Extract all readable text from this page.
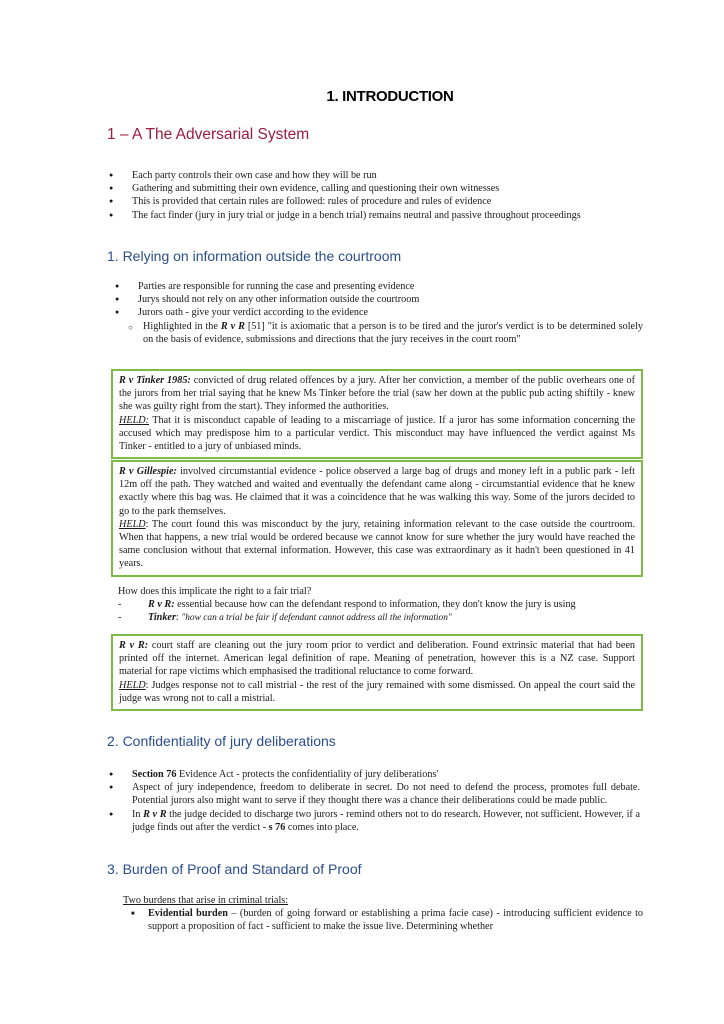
1. INTRODUCTION
1 – A The Adversarial System
● Each party controls their own case and how they will be run
● Gathering and submitting their own evidence, calling and questioning their own witnesses
● This is provided that certain rules are followed: rules of procedure and rules of evidence
● The fact finder (jury in jury trial or judge in a bench trial) remains neutral and passive throughout proceedings
1. Relying on information outside the courtroom
● Parties are responsible for running the case and presenting evidence
● Jurys should not rely on any other information outside the courtroom
● Jurors oath - give your verdict according to the evidence
○ Highlighted in the R v R [51] "it is axiomatic that a person is to be tired and the juror's verdict is to be determined solely on the basis of evidence, submissions and directions that the jury receives in the court room"
R v Tinker 1985: convicted of drug related offences by a jury. After her conviction, a member of the public overhears one of the jurors from her trial saying that he knew Ms Tinker before the trial (saw her down at the public pub acting shiftily - knew she was guilty right from the start). They informed the authorities.
HELD: That it is misconduct capable of leading to a miscarriage of justice. If a juror has some information concerning the accused which may predispose him to a particular verdict. This misconduct may have influenced the verdict against Ms Tinker - entitled to a jury of unbiased minds.
R v Gillespie: involved circumstantial evidence - police observed a large bag of drugs and money left in a public park - left 12m off the path. They watched and waited and eventually the defendant came along - circumstantial evidence that he knew exactly where this bag was. He claimed that it was a coincidence that he was walking this way. Some of the jurors decided to go to the park themselves.
HELD: The court found this was misconduct by the jury, retaining information relevant to the case outside the courtroom. When that happens, a new trial would be ordered because we cannot know for sure whether the jury would have reached the same conclusion without that external information. However, this case was extraordinary as it hadn't been questioned in 41 years.
How does this implicate the right to a fair trial?
-	R v R: essential because how can the defendant respond to information, they don't know the jury is using
-	Tinker: "how can a trial be fair if defendant cannot address all the information"
R v R: court staff are cleaning out the jury room prior to verdict and deliberation. Found extrinsic material that had been printed off the internet. American legal definition of rape. Meaning of penetration, however this is a NZ case. Support material for rape victims which emphasised the traditional reluctance to come forward.
HELD: Judges response not to call mistrial - the rest of the jury remained with some dismissed. On appeal the court said the judge was wrong not to call a mistrial.
2. Confidentiality of jury deliberations
● Section 76 Evidence Act - protects the confidentiality of jury deliberations'
● Aspect of jury independence, freedom to deliberate in secret. Do not need to defend the process, promotes full debate. Potential jurors also might want to serve if they thought there was a chance their deliberations could be made public.
● In R v R the judge decided to discharge two jurors - remind others not to do research. However, not sufficient. However, if a judge finds out after the verdict - s 76 comes into place.
3. Burden of Proof and Standard of Proof
Two burdens that arise in criminal trials:
■ Evidential burden – (burden of going forward or establishing a prima facie case) - introducing sufficient evidence to support a proposition of fact - sufficient to make the issue live. Determining whether
